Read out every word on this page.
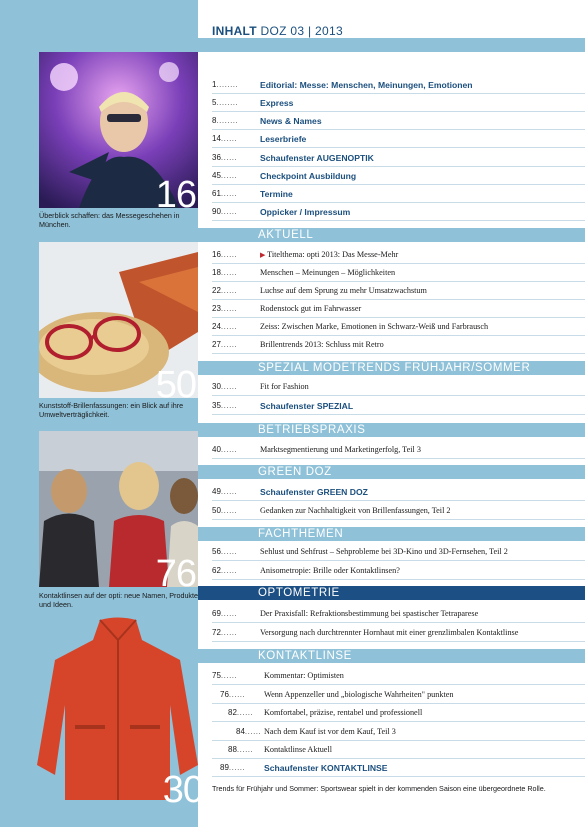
INHALT DOZ 03 | 2013
16
Überblick schaffen: das Messegeschehen in München.
50
Kunststoff-Brillenfassungen: ein Blick auf ihre Umweltverträglichkeit.
76
Kontaktlinsen auf der opti: neue Namen, Produkte und Ideen.
30 Trends für Frühjahr und Sommer: Sportswear spielt in der kommenden Saison eine übergeordnete Rolle.
1........	Editorial: Messe: Menschen, Meinungen, Emotionen
5........	Express
8........	News & Names
14......	Leserbriefe
36......	Schaufenster AUGENOPTIK
45......	Checkpoint Ausbildung
61......	Termine
90......	Oppicker / Impressum
AKTUELL
16......	▶ Titelthema: opti 2013: Das Messe-Mehr
18......	Menschen – Meinungen – Möglichkeiten
22......	Luchse auf dem Sprung zu mehr Umsatzwachstum
23......	Rodenstock gut im Fahrwasser
24......	Zeiss: Zwischen Marke, Emotionen in Schwarz-Weiß und Farbrausch
27......	Brillentrends 2013: Schluss mit Retro
SPEZIAL MODETRENDS FRÜHJAHR/SOMMER
30......	Fit for Fashion
35......	Schaufenster SPEZIAL
BETRIEBSPRAXIS
40......	Marktsegmentierung und Marketingerfolg, Teil 3
GREEN DOZ
49......	Schaufenster GREEN DOZ
50......	Gedanken zur Nachhaltigkeit von Brillenfassungen, Teil 2
FACHTHEMEN
56......	Sehlust und Sehfrust – Sehprobleme bei 3D-Kino und 3D-Fernsehen, Teil 2
62......	Anisometropie: Brille oder Kontaktlinsen?
OPTOMETRIE
69......	Der Praxisfall: Refraktionsbestimmung bei spastischer Tetraparese
72......	Versorgung nach durchtrennter Hornhaut mit einer grenzlimbalen Kontaktlinse
KONTAKTLINSE
75......	Kommentar: Optimisten
76...... Wenn Appenzeller und „biologische Wahrheiten" punkten
82...... Komfortabel, präzise, rentabel und professionell
84...... Nach dem Kauf ist vor dem Kauf, Teil 3
88...... Kontaktlinse Aktuell
89...... Schaufenster KONTAKTLINSE
